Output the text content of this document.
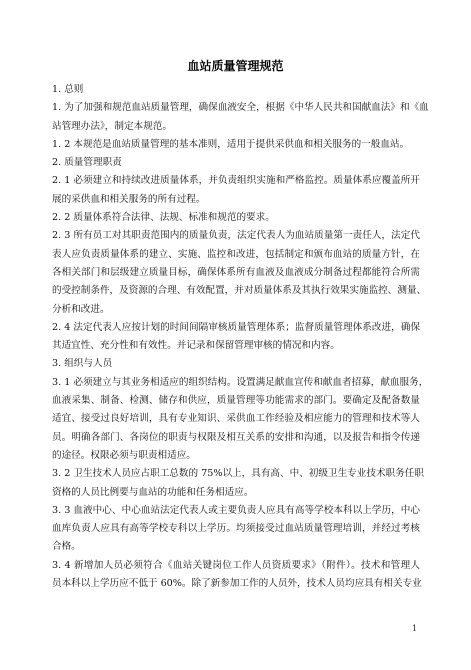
血站质量管理规范
1. 总则
1. 为了加强和规范血站质量管理，确保血液安全，根据《中华人民共和国献血法》和《血
站管理办法》，制定本规范。
1. 2 本规范是血站质量管理的基本准则，适用于提供采供血和相关服务的一般血站。
2. 质量管理职责
2. 1 必须建立和持续改进质量体系，并负责组织实施和严格监控。质量体系应覆盖所开
展的采供血和相关服务的所有过程。
2. 2 质量体系符合法律、法规、标准和规范的要求。
2. 3 所有员工对其职责范围内的质量负责，法定代表人为血站质量第一责任人，法定代
表人应负责质量体系的建立、实施、监控和改进，包括制定和颁布血站的质量方针，在
各相关部门和层级建立质量目标，确保体系所有血液及血液成分制备过程都能符合所需
的受控制条件，及资源的合理、有效配置，并对质量体系及其执行效果实施监控、测量、
分析和改进。
2. 4 法定代表人应按计划的时间间隔审核质量管理体系；监督质量管理体系改进，确保
其适宜性、充分性和有效性。并记录和保留管理审核的情况和内容。
3. 组织与人员
3. 1 必须建立与其业务相适应的组织结构。设置满足献血宣传和献血者招募，献血服务，
血液采集、制备、检测、储存和供应，质量管理等功能需求的部门。要确定及配备数量
适宜、接受过良好培训，具有专业知识、采供血工作经验及相应能力的管理和技术等人
员。明确各部门、各岗位的职责与权限及相互关系的安排和沟通，以及报告和指令传递
的途径。权限必须与职责相适应。
3. 2 卫生技术人员应占职工总数的 75%以上，具有高、中、初级卫生专业技术职务任职
资格的人员比例要与血站的功能和任务相适应。
3. 3 血液中心、中心血站法定代表人或主要负责人应具有高等学校本科以上学历，中心
血库负责人应具有高等学校专科以上学历。均须接受过血站质量管理培训，并经过考核
合格。
3. 4 新增加人员必须符合《血站关键岗位工作人员资质要求》（附件）。技术和管理人
员本科以上学历应不低于 60%。除了新参加工作的人员外，技术人员均应具有相关专业
1
